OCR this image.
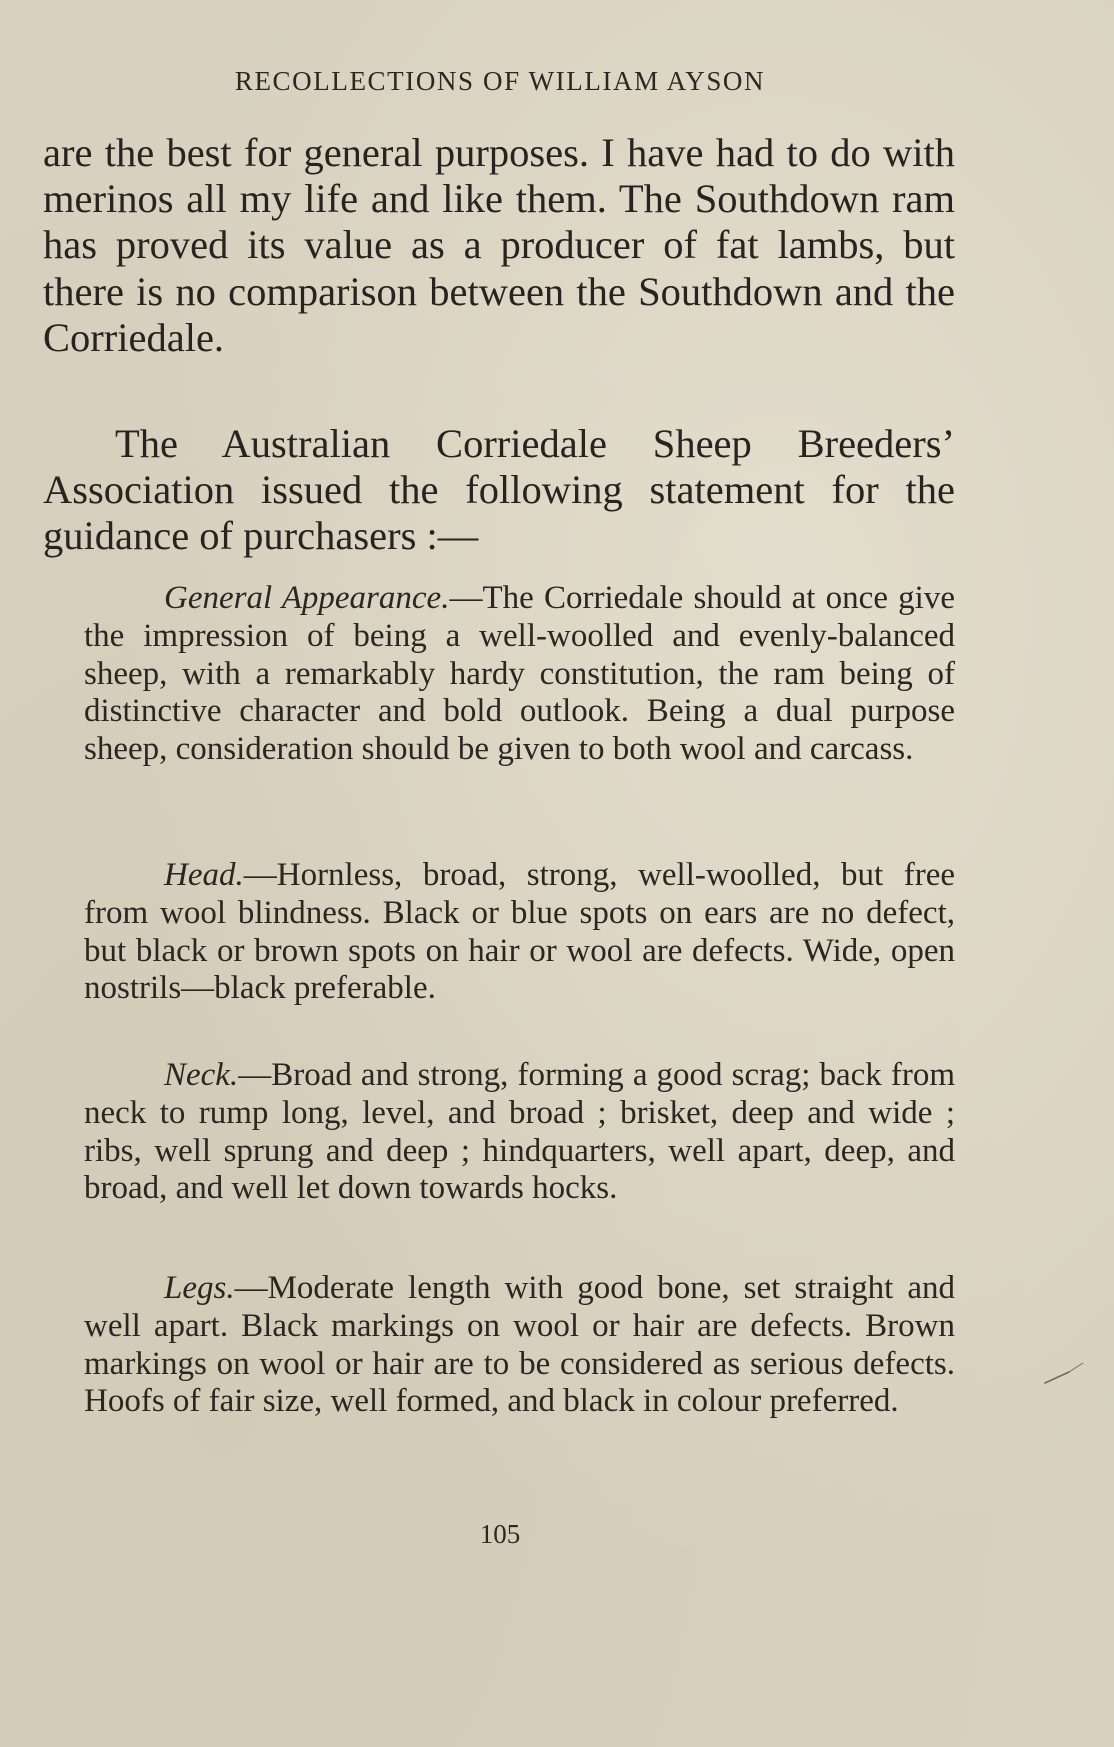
RECOLLECTIONS OF WILLIAM AYSON

are the best for general purposes. I have had to do with merinos all my life and like them. The Southdown ram has proved its value as a producer of fat lambs, but there is no comparison between the Southdown and the Corriedale.

The Australian Corriedale Sheep Breeders’ Association issued the following statement for the guidance of purchasers :—

General Appearance.—The Corriedale should at once give the impression of being a well-woolled and evenly-balanced sheep, with a remarkably hardy constitution, the ram being of distinctive character and bold outlook. Being a dual purpose sheep, consideration should be given to both wool and carcass.

Head.—Hornless, broad, strong, well-woolled, but free from wool blindness. Black or blue spots on ears are no defect, but black or brown spots on hair or wool are defects. Wide, open nostrils—black preferable.

Neck.—Broad and strong, forming a good scrag; back from neck to rump long, level, and broad ; brisket, deep and wide ; ribs, well sprung and deep ; hindquarters, well apart, deep, and broad, and well let down towards hocks.

Legs.—Moderate length with good bone, set straight and well apart. Black markings on wool or hair are defects. Brown markings on wool or hair are to be considered as serious defects. Hoofs of fair size, well formed, and black in colour preferred.

105
